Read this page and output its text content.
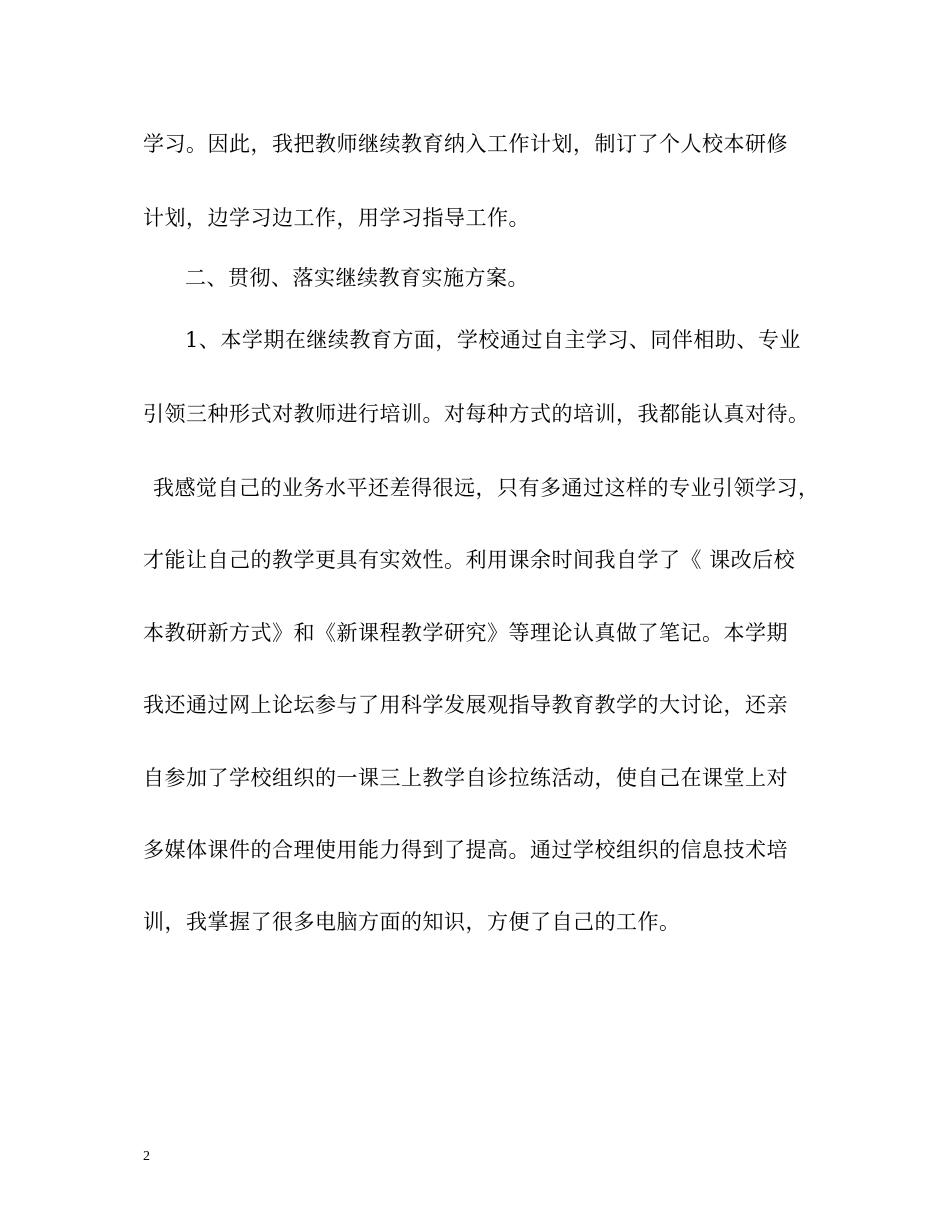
学习。因此，我把教师继续教育纳入工作计划，制订了个人校本研修
计划，边学习边工作，用学习指导工作。
二、贯彻、落实继续教育实施方案。
1、本学期在继续教育方面，学校通过自主学习、同伴相助、专业
引领三种形式对教师进行培训。对每种方式的培训，我都能认真对待。
我感觉自己的业务水平还差得很远，只有多通过这样的专业引领学习，
才能让自己的教学更具有实效性。利用课余时间我自学了《 课改后校
本教研新方式》和《新课程教学研究》等理论认真做了笔记。本学期
我还通过网上论坛参与了用科学发展观指导教育教学的大讨论，还亲
自参加了学校组织的一课三上教学自诊拉练活动，使自己在课堂上对
多媒体课件的合理使用能力得到了提高。通过学校组织的信息技术培
训，我掌握了很多电脑方面的知识，方便了自己的工作。
2
